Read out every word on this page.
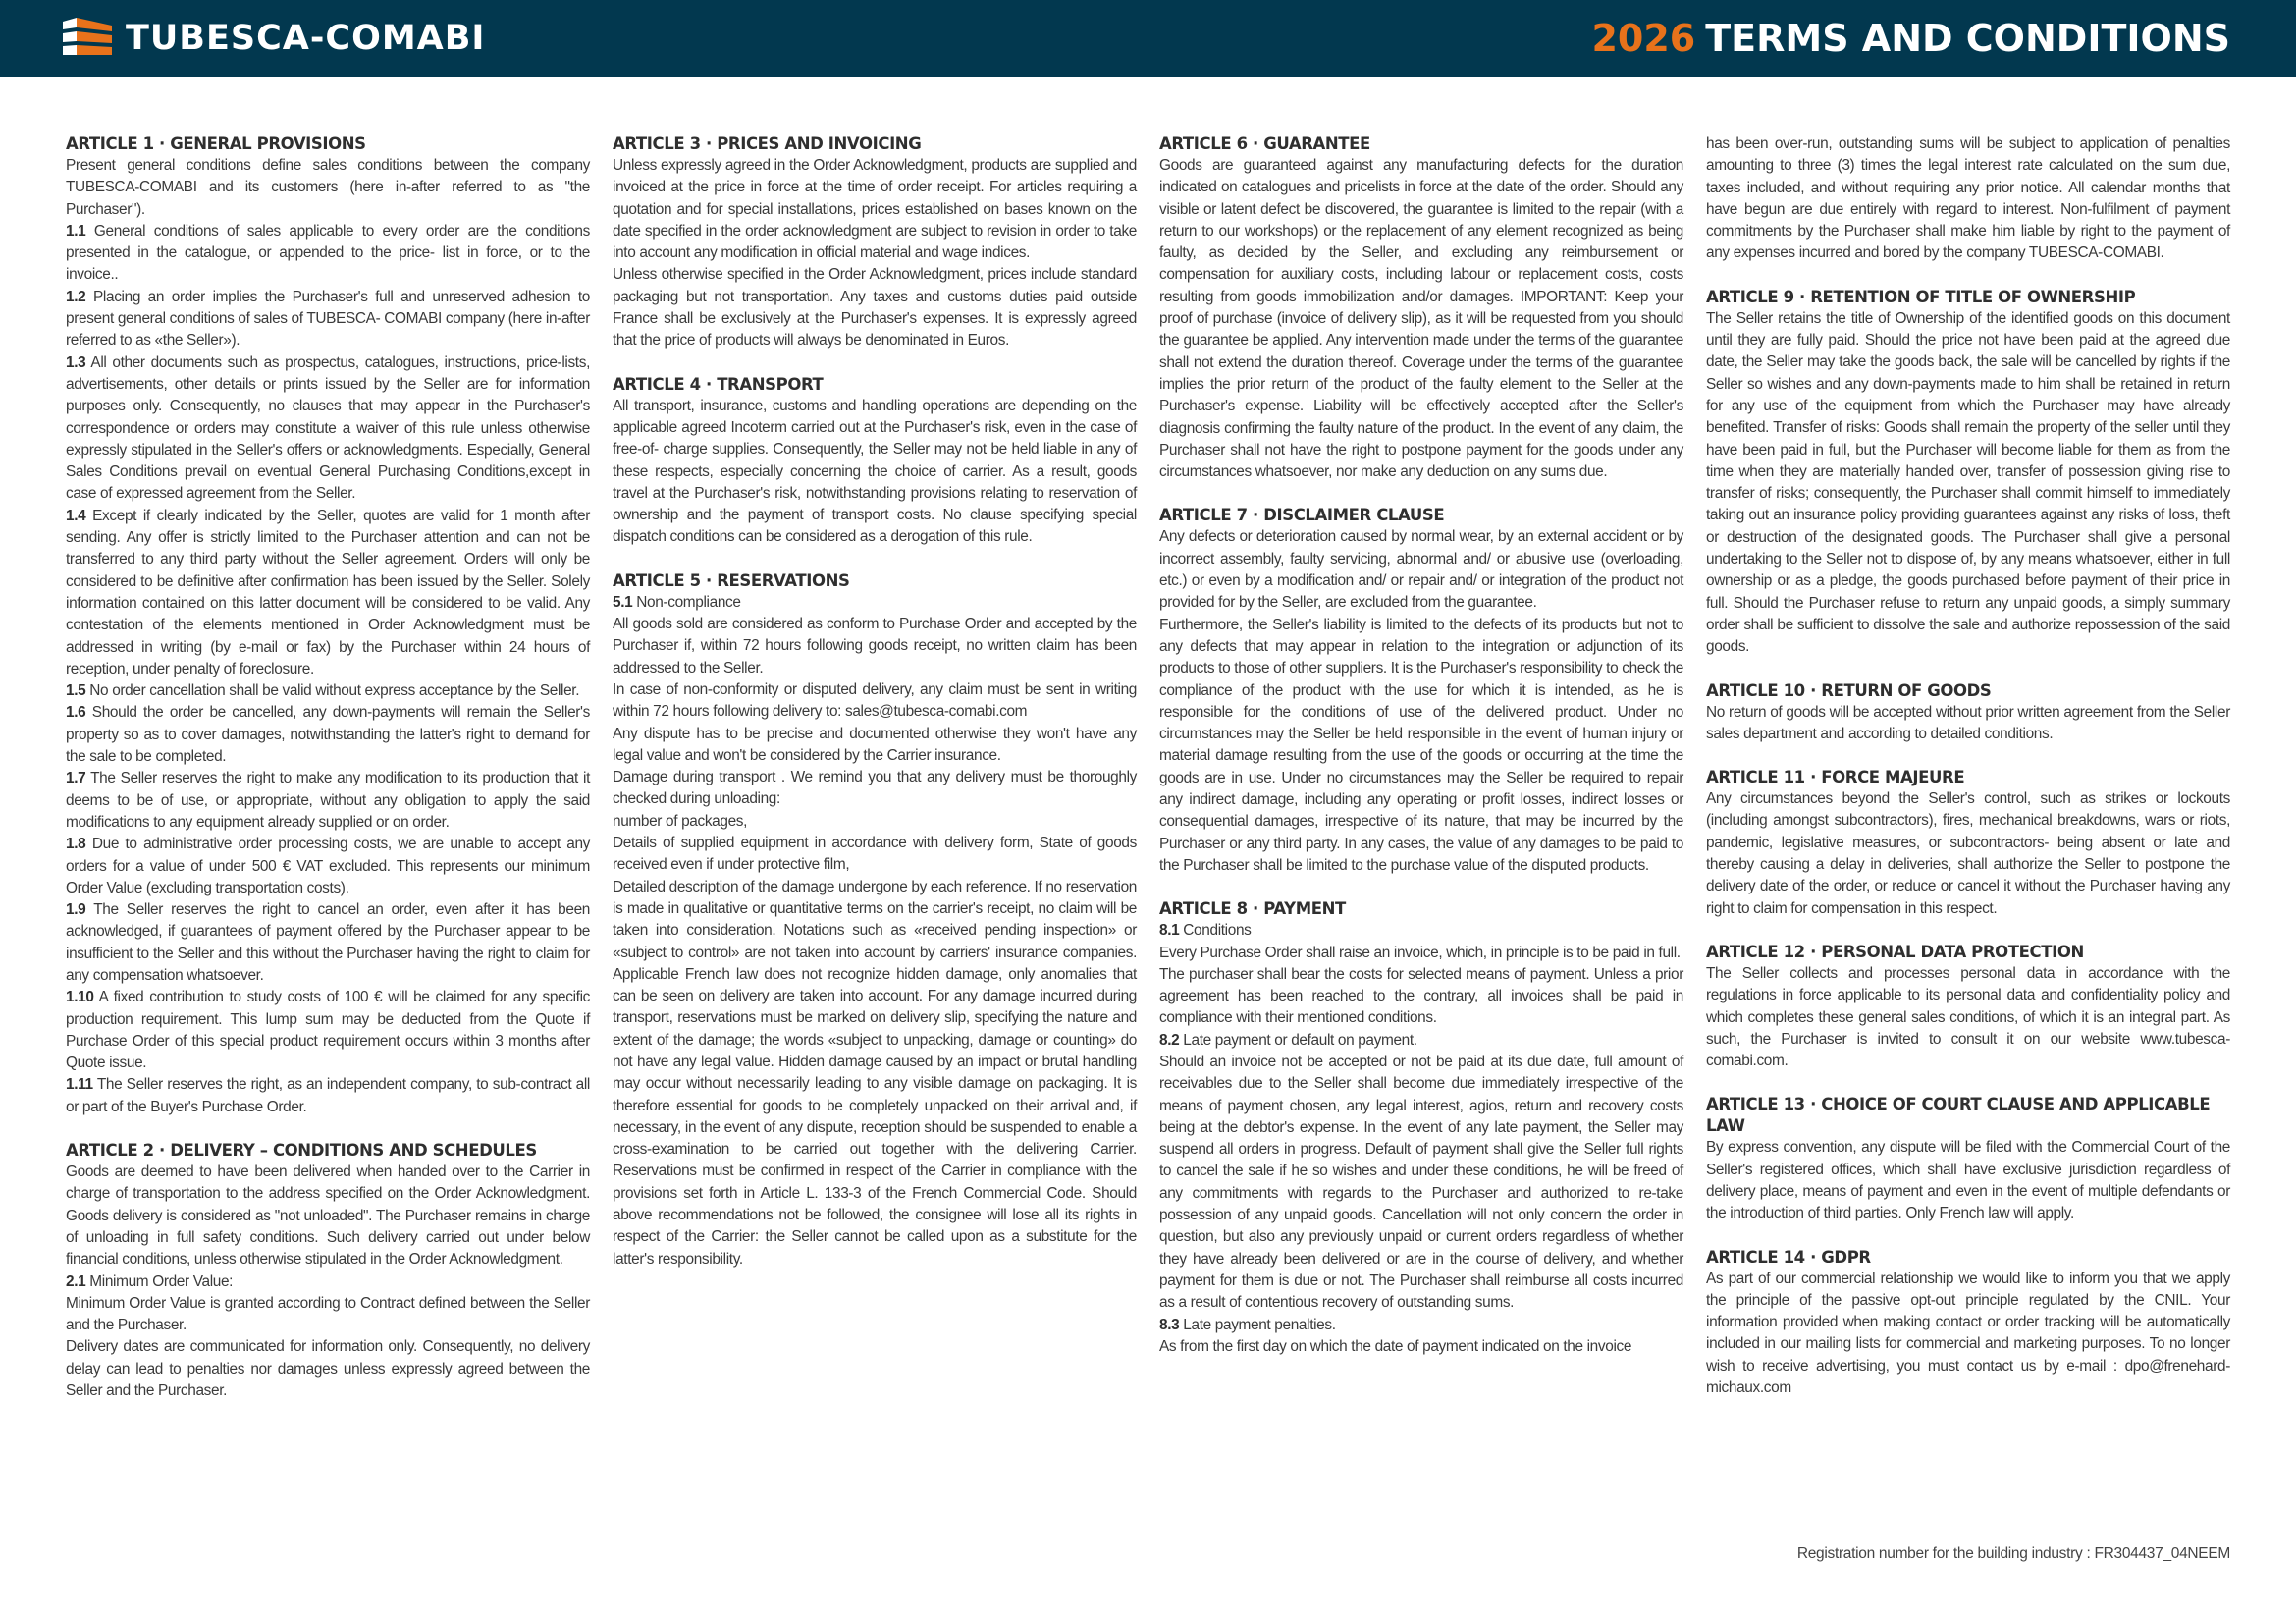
TUBESCA-COMABI	2026 TERMS AND CONDITIONS
ARTICLE 1 · GENERAL PROVISIONS

Present general conditions define sales conditions between the company TUBESCA-COMABI and its customers (here in-after referred to as "the Purchaser").

1.1 General conditions of sales applicable to every order are the conditions presented in the catalogue, or appended to the price- list in force, or to the invoice..

1.2 Placing an order implies the Purchaser's full and unreserved adhesion to present general conditions of sales of TUBESCA- COMABI company (here in-after referred to as «the Seller»).

1.3 All other documents such as prospectus, catalogues, instructions, price-lists, advertisements, other details or prints issued by the Seller are for information purposes only. Consequently, no clauses that may appear in the Purchaser's correspondence or orders may constitute a waiver of this rule unless otherwise expressly stipulated in the Seller's offers or acknowledgments. Especially, General Sales Conditions prevail on eventual General Purchasing Conditions,except in case of expressed agreement from the Seller.

1.4 Except if clearly indicated by the Seller, quotes are valid for 1 month after sending. Any offer is strictly limited to the Purchaser attention and can not be transferred to any third party without the Seller agreement. Orders will only be considered to be definitive after confirmation has been issued by the Seller. Solely information contained on this latter document will be considered to be valid. Any contestation of the elements mentioned in Order Acknowledgment must be addressed in writing (by e-mail or fax) by the Purchaser within 24 hours of reception, under penalty of foreclosure.

1.5 No order cancellation shall be valid without express acceptance by the Seller.

1.6 Should the order be cancelled, any down-payments will remain the Seller's property so as to cover damages, notwithstanding the latter's right to demand for the sale to be completed.

1.7 The Seller reserves the right to make any modification to its production that it deems to be of use, or appropriate, without any obligation to apply the said modifications to any equipment already supplied or on order.

1.8 Due to administrative order processing costs, we are unable to accept any orders for a value of under 500 € VAT excluded. This represents our minimum Order Value (excluding transportation costs).

1.9 The Seller reserves the right to cancel an order, even after it has been acknowledged, if guarantees of payment offered by the Purchaser appear to be insufficient to the Seller and this without the Purchaser having the right to claim for any compensation whatsoever.

1.10 A fixed contribution to study costs of 100 € will be claimed for any specific production requirement. This lump sum may be deducted from the Quote if Purchase Order of this special product requirement occurs within 3 months after Quote issue.

1.11 The Seller reserves the right, as an independent company, to sub-contract all or part of the Buyer's Purchase Order.

ARTICLE 2 · DELIVERY – CONDITIONS AND SCHEDULES

Goods are deemed to have been delivered when handed over to the Carrier in charge of transportation to the address specified on the Order Acknowledgment. Goods delivery is considered as "not unloaded". The Purchaser remains in charge of unloading in full safety conditions. Such delivery carried out under below financial conditions, unless otherwise stipulated in the Order Acknowledgment.

2.1 Minimum Order Value:

Minimum Order Value is granted according to Contract defined between the Seller and the Purchaser.

Delivery dates are communicated for information only. Consequently, no delivery delay can lead to penalties nor damages unless expressly agreed between the Seller and the Purchaser.

ARTICLE 3 · PRICES AND INVOICING

Unless expressly agreed in the Order Acknowledgment, products are supplied and invoiced at the price in force at the time of order receipt. For articles requiring a quotation and for special installations, prices established on bases known on the date specified in the order acknowledgment are subject to revision in order to take into account any modification in official material and wage indices.

Unless otherwise specified in the Order Acknowledgment, prices include standard packaging but not transportation. Any taxes and customs duties paid outside France shall be exclusively at the Purchaser's expenses. It is expressly agreed that the price of products will always be denominated in Euros.

ARTICLE 4 · TRANSPORT

All transport, insurance, customs and handling operations are depending on the applicable agreed Incoterm carried out at the Purchaser's risk, even in the case of free-of- charge supplies. Consequently, the Seller may not be held liable in any of these respects, especially concerning the choice of carrier. As a result, goods travel at the Purchaser's risk, notwithstanding provisions relating to reservation of ownership and the payment of transport costs. No clause specifying special dispatch conditions can be considered as a derogation of this rule.

ARTICLE 5 · RESERVATIONS

5.1 Non-compliance

All goods sold are considered as conform to Purchase Order and accepted by the Purchaser if, within 72 hours following goods receipt, no written claim has been addressed to the Seller.

In case of non-conformity or disputed delivery, any claim must be sent in writing within 72 hours following delivery to: sales@tubesca-comabi.com

Any dispute has to be precise and documented otherwise they won't have any legal value and won't be considered by the Carrier insurance.

Damage during transport . We remind you that any delivery must be thoroughly checked during unloading:

number of packages,

Details of supplied equipment in accordance with delivery form, State of goods received even if under protective film,

Detailed description of the damage undergone by each reference. If no reservation is made in qualitative or quantitative terms on the carrier's receipt, no claim will be taken into consideration. Notations such as «received pending inspection» or «subject to control» are not taken into account by carriers' insurance companies. Applicable French law does not recognize hidden damage, only anomalies that can be seen on delivery are taken into account. For any damage incurred during transport, reservations must be marked on delivery slip, specifying the nature and extent of the damage; the words «subject to unpacking, damage or counting» do not have any legal value. Hidden damage caused by an impact or brutal handling may occur without necessarily leading to any visible damage on packaging. It is therefore essential for goods to be completely unpacked on their arrival and, if necessary, in the event of any dispute, reception should be suspended to enable a cross-examination to be carried out together with the delivering Carrier. Reservations must be confirmed in respect of the Carrier in compliance with the provisions set forth in Article L. 133-3 of the French Commercial Code. Should above recommendations not be followed, the consignee will lose all its rights in respect of the Carrier: the Seller cannot be called upon as a substitute for the latter's responsibility.

ARTICLE 6 · GUARANTEE

Goods are guaranteed against any manufacturing defects for the duration indicated on catalogues and pricelists in force at the date of the order. Should any visible or latent defect be discovered, the guarantee is limited to the repair (with a return to our workshops) or the replacement of any element recognized as being faulty, as decided by the Seller, and excluding any reimbursement or compensation for auxiliary costs, including labour or replacement costs, costs resulting from goods immobilization and/or damages. IMPORTANT: Keep your proof of purchase (invoice of delivery slip), as it will be requested from you should the guarantee be applied. Any intervention made under the terms of the guarantee shall not extend the duration thereof. Coverage under the terms of the guarantee implies the prior return of the product of the faulty element to the Seller at the Purchaser's expense. Liability will be effectively accepted after the Seller's diagnosis confirming the faulty nature of the product. In the event of any claim, the Purchaser shall not have the right to postpone payment for the goods under any circumstances whatsoever, nor make any deduction on any sums due.

ARTICLE 7 · DISCLAIMER CLAUSE

Any defects or deterioration caused by normal wear, by an external accident or by incorrect assembly, faulty servicing, abnormal and/ or abusive use (overloading, etc.) or even by a modification and/ or repair and/ or integration of the product not provided for by the Seller, are excluded from the guarantee.

Furthermore, the Seller's liability is limited to the defects of its products but not to any defects that may appear in relation to the integration or adjunction of its products to those of other suppliers. It is the Purchaser's responsibility to check the compliance of the product with the use for which it is intended, as he is responsible for the conditions of use of the delivered product. Under no circumstances may the Seller be held responsible in the event of human injury or material damage resulting from the use of the goods or occurring at the time the goods are in use. Under no circumstances may the Seller be required to repair any indirect damage, including any operating or profit losses, indirect losses or consequential damages, irrespective of its nature, that may be incurred by the Purchaser or any third party. In any cases, the value of any damages to be paid to the Purchaser shall be limited to the purchase value of the disputed products.

ARTICLE 8 · PAYMENT

8.1 Conditions

Every Purchase Order shall raise an invoice, which, in principle is to be paid in full.

The purchaser shall bear the costs for selected means of payment. Unless a prior agreement has been reached to the contrary, all invoices shall be paid in compliance with their mentioned conditions.

8.2 Late payment or default on payment.

Should an invoice not be accepted or not be paid at its due date, full amount of receivables due to the Seller shall become due immediately irrespective of the means of payment chosen, any legal interest, agios, return and recovery costs being at the debtor's expense. In the event of any late payment, the Seller may suspend all orders in progress. Default of payment shall give the Seller full rights to cancel the sale if he so wishes and under these conditions, he will be freed of any commitments with regards to the Purchaser and authorized to re-take possession of any unpaid goods. Cancellation will not only concern the order in question, but also any previously unpaid or current orders regardless of whether they have already been delivered or are in the course of delivery, and whether payment for them is due or not. The Purchaser shall reimburse all costs incurred as a result of contentious recovery of outstanding sums.

8.3 Late payment penalties.

As from the first day on which the date of payment indicated on the invoice

has been over-run, outstanding sums will be subject to application of penalties amounting to three (3) times the legal interest rate calculated on the sum due, taxes included, and without requiring any prior notice. All calendar months that have begun are due entirely with regard to interest. Non-fulfilment of payment commitments by the Purchaser shall make him liable by right to the payment of any expenses incurred and bored by the company TUBESCA-COMABI.

ARTICLE 9 · RETENTION OF TITLE OF OWNERSHIP

The Seller retains the title of Ownership of the identified goods on this document until they are fully paid. Should the price not have been paid at the agreed due date, the Seller may take the goods back, the sale will be cancelled by rights if the Seller so wishes and any down-payments made to him shall be retained in return for any use of the equipment from which the Purchaser may have already benefited. Transfer of risks: Goods shall remain the property of the seller until they have been paid in full, but the Purchaser will become liable for them as from the time when they are materially handed over, transfer of possession giving rise to transfer of risks; consequently, the Purchaser shall commit himself to immediately taking out an insurance policy providing guarantees against any risks of loss, theft or destruction of the designated goods. The Purchaser shall give a personal undertaking to the Seller not to dispose of, by any means whatsoever, either in full ownership or as a pledge, the goods purchased before payment of their price in full. Should the Purchaser refuse to return any unpaid goods, a simply summary order shall be sufficient to dissolve the sale and authorize repossession of the said goods.

ARTICLE 10 · RETURN OF GOODS

No return of goods will be accepted without prior written agreement from the Seller sales department and according to detailed conditions.

ARTICLE 11 · FORCE MAJEURE

Any circumstances beyond the Seller's control, such as strikes or lockouts (including amongst subcontractors), fires, mechanical breakdowns, wars or riots, pandemic, legislative measures, or subcontractors- being absent or late and thereby causing a delay in deliveries, shall authorize the Seller to postpone the delivery date of the order, or reduce or cancel it without the Purchaser having any right to claim for compensation in this respect.

ARTICLE 12 · PERSONAL DATA PROTECTION

The Seller collects and processes personal data in accordance with the regulations in force applicable to its personal data and confidentiality policy and which completes these general sales conditions, of which it is an integral part. As such, the Purchaser is invited to consult it on our website www.tubesca-comabi.com.

ARTICLE 13 · CHOICE OF COURT CLAUSE AND APPLICABLE LAW

By express convention, any dispute will be filed with the Commercial Court of the Seller's registered offices, which shall have exclusive jurisdiction regardless of delivery place, means of payment and even in the event of multiple defendants or the introduction of third parties. Only French law will apply.

ARTICLE 14 · GDPR

As part of our commercial relationship we would like to inform you that we apply the principle of the passive opt-out principle regulated by the CNIL. Your information provided when making contact or order tracking will be automatically included in our mailing lists for commercial and marketing purposes. To no longer wish to receive advertising, you must contact us by e-mail : dpo@frenehard-michaux.com

Registration number for the building industry : FR304437_04NEEM
